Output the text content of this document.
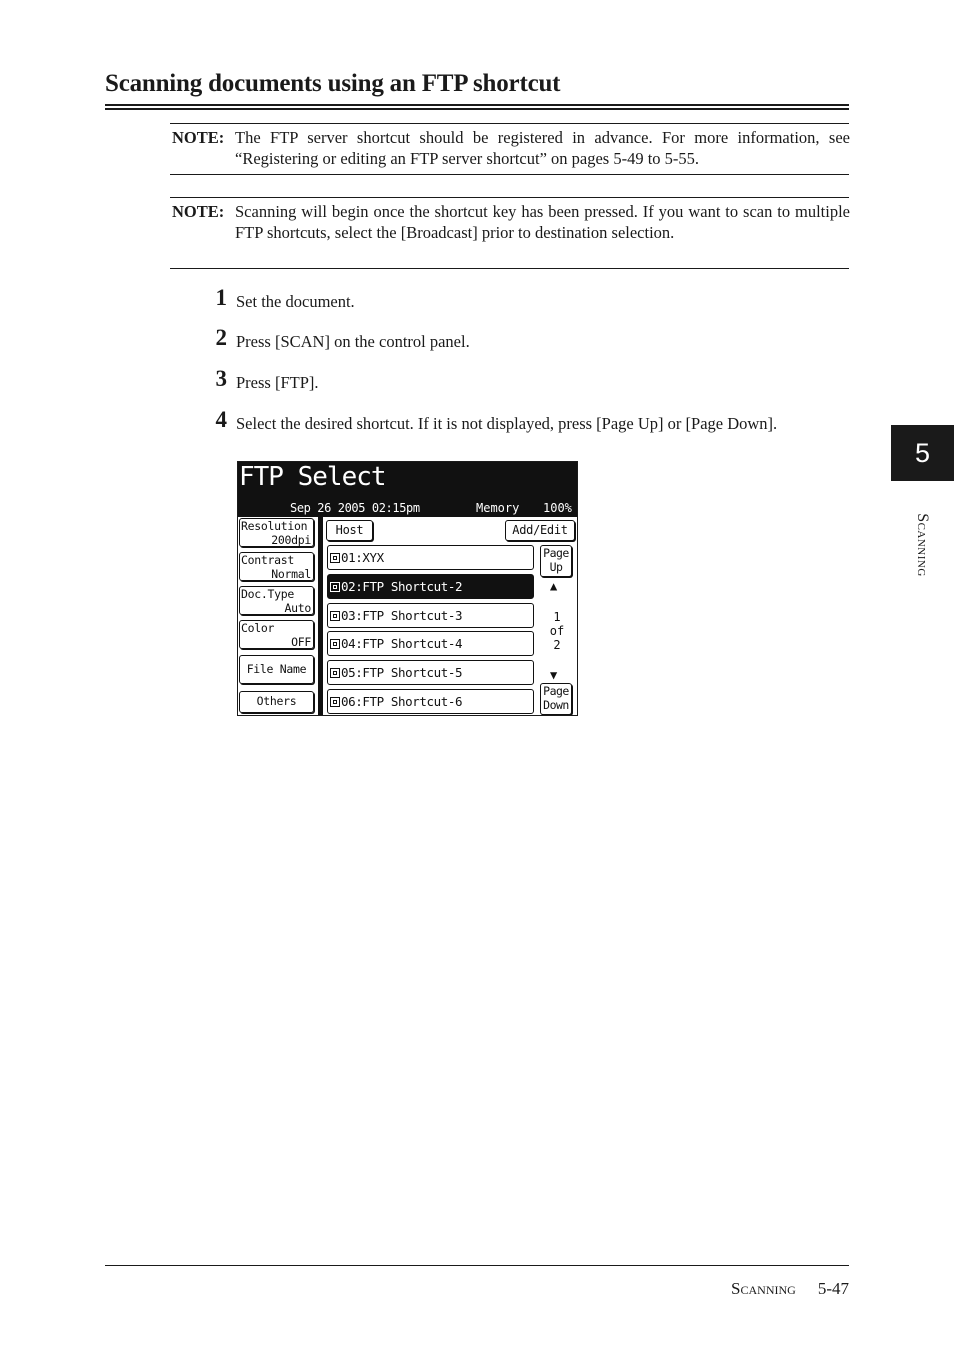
Scanning documents using an FTP shortcut
NOTE: The FTP server shortcut should be registered in advance. For more information, see “Registering or editing an FTP server shortcut” on pages 5-49 to 5-55.
NOTE: Scanning will begin once the shortcut key has been pressed. If you want to scan to multiple FTP shortcuts, select the [Broadcast] prior to destination selection.
1 Set the document.
2 Press [SCAN] on the control panel.
3 Press [FTP].
4 Select the desired shortcut. If it is not displayed, press [Page Up] or [Page Down].
FTP Select
Sep 26 2005 02:15pm	Memory 100%
Resolution
200dpi
Contrast
Normal
Doc.Type
Auto
Color
OFF
File Name
Others
Host	Add/Edit
01:XYX
02:FTP Shortcut-2
03:FTP Shortcut-3
04:FTP Shortcut-4
05:FTP Shortcut-5
06:FTP Shortcut-6
Page
Up
▲
1
of
2
▼
Page
Down
5
Scanning
Scanning 5-47
